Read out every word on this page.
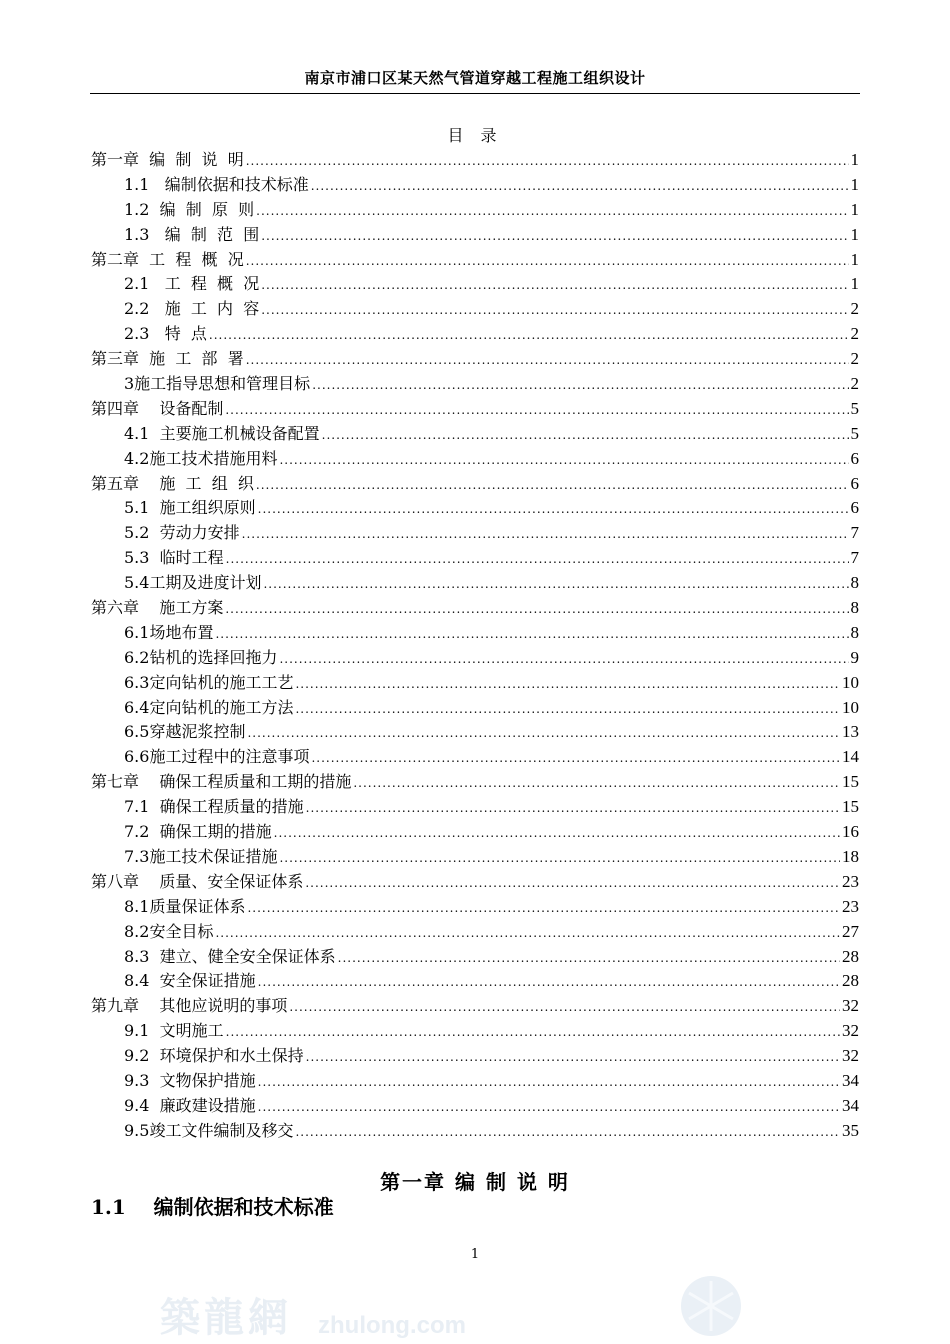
南京市浦口区某天然气管道穿越工程施工组织设计
目 录
第一章  编  制  说  明 .....	1
1.1   编制依据和技术标准 .....	1
1.2  编  制  原  则 .....	1
1.3   编  制  范  围 .....	1
第二章  工  程  概  况 .....	1
2.1   工  程  概  况 .....	1
2.2   施  工  内  容 .....	2
2.3   特  点 .....	2
第三章  施  工  部  署 .....	2
3施工指导思想和管理目标 .....	2
第四章    设备配制 .....	5
4.1  主要施工机械设备配置 .....	5
4.2施工技术措施用料 .....	6
第五章    施  工  组  织 .....	6
5.1  施工组织原则 .....	6
5.2  劳动力安排 .....	7
5.3  临时工程 .....	7
5.4工期及进度计划 .....	8
第六章    施工方案 .....	8
6.1场地布置 .....	8
6.2钻机的选择回拖力 .....	9
6.3定向钻机的施工工艺 .....	10
6.4定向钻机的施工方法 .....	10
6.5穿越泥浆控制 .....	13
6.6施工过程中的注意事项 .....	14
第七章    确保工程质量和工期的措施 .....	15
7.1  确保工程质量的措施 .....	15
7.2  确保工期的措施 .....	16
7.3施工技术保证措施 .....	18
第八章    质量、安全保证体系 .....	23
8.1质量保证体系 .....	23
8.2安全目标 .....	27
8.3  建立、健全安全保证体系 .....	28
8.4  安全保证措施 .....	28
第九章    其他应说明的事项 .....	32
9.1  文明施工 .....	32
9.2  环境保护和水土保持 .....	32
9.3  文物保护措施 .....	34
9.4  廉政建设措施 .....	34
9.5竣工文件编制及移交 .....	35
第一章 编 制 说 明
1.1    编制依据和技术标准
1
築龍網 zhulong.com
